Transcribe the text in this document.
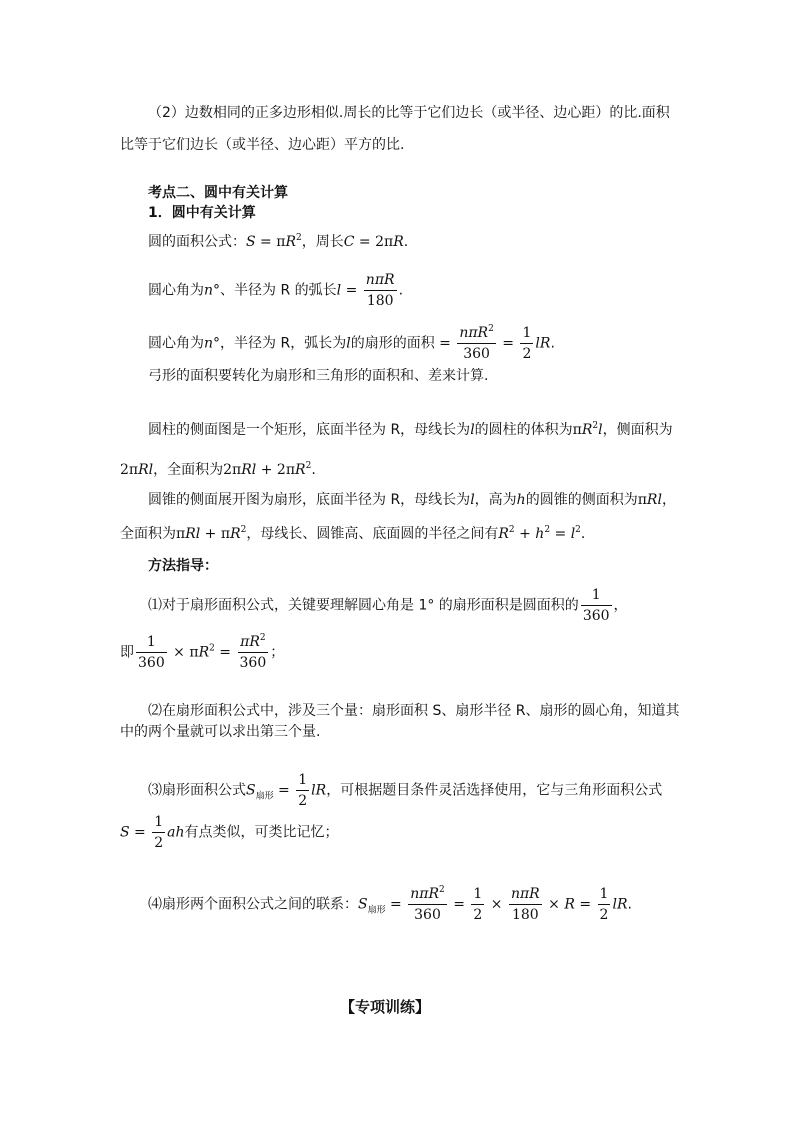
（2）边数相同的正多边形相似.周长的比等于它们边长（或半径、边心距）的比.面积
比等于它们边长（或半径、边心距）平方的比.
考点二、圆中有关计算
1．圆中有关计算
圆的面积公式：$S = \pi R^2$，周长C = 2πR.
圆心角为n°、半径为 R 的弧长$l = \frac{\text{nπR}}{180}$ .
圆心角为n°，半径为 R，弧长为l的扇形的面积 = $\frac{n\pi R^2}{360} = \frac{1}{2}$ lR.
弓形的面积要转化为扇形和三角形的面积和、差来计算.
圆柱的侧面图是一个矩形，底面半径为 R，母线长为l的圆柱的体积为$\pi R^2l$，侧面积为
2πRl，全面积为$2\pi Rl + 2\pi R^2$.
圆锥的侧面展开图为扇形，底面半径为 R，母线长为l，高为h的圆锥的侧面积为πRl，
全面积为$\pi Rl + \pi R^2$，母线长、圆锥高、底面圆的半径之间有$R^2 + h^2 = l^2$.
方法指导：
⑴对于扇形面积公式，关键要理解圆心角是 1° 的扇形面积是圆面积的 $\frac{1}{360}$ ，
即 $\frac{1}{360} \times \pi R^2 = \frac{\pi R^2}{360}$ ；
⑵在扇形面积公式中，涉及三个量：扇形面积 S、扇形半径 R、扇形的圆心角，知道其
中的两个量就可以求出第三个量.
⑶扇形面积公式$S_{扇形} = \frac{1}{2}$ lR，可根据题目条件灵活选择使用，它与三角形面积公式
$S = \frac{1}{2}$ ah有点类似，可类比记忆；
⑷扇形两个面积公式之间的联系：$S_{扇形} = \frac{n\pi R^2}{360} = \frac{1}{2} \times \frac{\text{nπR}}{180} \times R = \frac{1}{2}$ lR.
【专项训练】
